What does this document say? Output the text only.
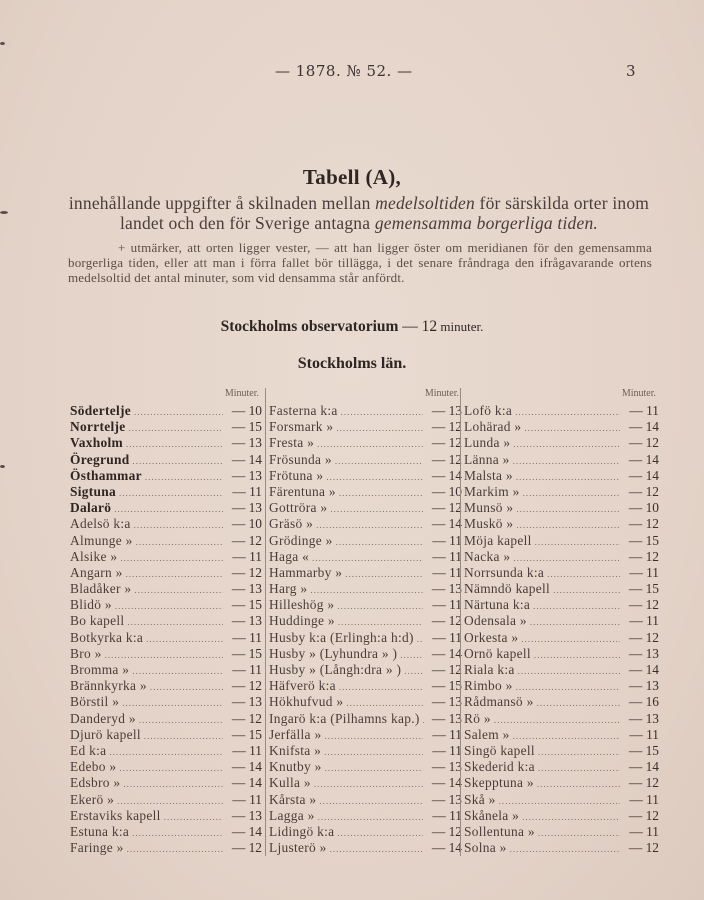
— 1878. № 52. —	3
Tabell (A),
innehållande uppgifter å skilnaden mellan medelsoltiden för särskilda orter inom landet och den för Sverige antagna gemensamma borgerliga tiden.
+ utmärker, att orten ligger vester, — att han ligger öster om meridianen för den gemensamma borgerliga tiden, eller att man i förra fallet bör tillägga, i det senare fråndraga den ifrågavarande ortens medelsoltid det antal minuter, som vid densamma står anfördt.
Stockholms observatorium — 12 minuter.
Stockholms län.
Minuter.
Södertelje .....	— 10
Norrtelje .....	— 15
Vaxholm .....	— 13
Öregrund .....	— 14
Östhammar .....	— 13
Sigtuna .....	— 11
Dalarö .....	— 13
Adelsö k:a .....	— 10
Almunge » .....	— 12
Alsike » .....	— 11
Angarn » .....	— 12
Bladåker » .....	— 13
Blidö » .....	— 15
Bo kapell .....	— 13
Botkyrka k:a .....	— 11
Bro » .....	— 15
Bromma » .....	— 11
Brännkyrka » .....	— 12
Börstil » .....	— 13
Danderyd » .....	— 12
Djurö kapell .....	— 15
Ed k:a .....	— 11
Edebo » .....	— 14
Edsbro » .....	— 14
Ekerö » .....	— 11
Erstaviks kapell .....	— 13
Estuna k:a .....	— 14
Faringe » .....	— 12
Minuter.
Fasterna k:a .....	— 13
Forsmark » .....	— 12
Fresta » .....	— 12
Frösunda » .....	— 12
Frötuna » .....	— 14
Färentuna » .....	— 10
Gottröra » .....	— 12
Gräsö » .....	— 14
Grödinge » .....	— 11
Haga « .....	— 11
Hammarby » .....	— 11
Harg » .....	— 13
Hilleshög » .....	— 11
Huddinge » .....	— 12
Husby k:a (Erlingh:a h:d) .....	— 11
Husby » (Lyhundra » ) .....	— 14
Husby » (Långh:dra » ) .....	— 12
Häfverö k:a .....	— 15
Hökhufvud » .....	— 13
Ingarö k:a (Pilhamns kap.) ..... — 13
Jerfälla » .....	— 11
Knifsta » .....	— 11
Knutby » .....	— 13
Kulla » .....	— 14
Kårsta » .....	— 13
Lagga » .....	— 11
Lidingö k:a .....	— 12
Ljusterö » .....	— 14
Minuter.
Lofö k:a .....	— 11
Lohärad » .....	— 14
Lunda » .....	— 12
Länna » .....	— 14
Malsta » .....	— 14
Markim » .....	— 12
Munsö » .....	— 10
Muskö » .....	— 12
Möja kapell .....	— 15
Nacka » .....	— 12
Norrsunda k:a .....	— 11
Nämndö kapell .....	— 15
Närtuna k:a .....	— 12
Odensala » .....	— 11
Orkesta » .....	— 12
Ornö kapell .....	— 13
Riala k:a .....	— 14
Rimbo » .....	— 13
Rådmansö » .....	— 16
Rö » .....	— 13
Salem » .....	— 11
Singö kapell .....	— 15
Skederid k:a .....	— 14
Skepptuna » .....	— 12
Skå » .....	— 11
Skånela » .....	— 12
Sollentuna » .....	— 11
Solna » .....	— 12
